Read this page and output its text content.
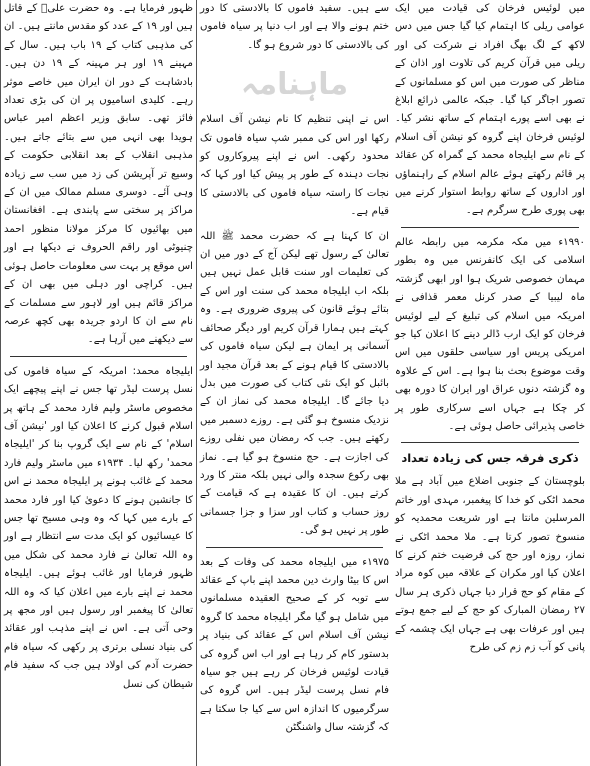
ظہور فرمایا ہے۔ وہ حضرت علیؓ کے قاتل ہیں اور ۱۹ کے عدد کو مقدس مانتے ہیں۔ ان کی مذہبی کتاب کے ۱۹ باب ہیں۔ سال کے مہینے ۱۹ اور ہر مہینہ کے ۱۹ دن ہیں۔ بادشاہت کے دور ان ایران میں خاصے موثر رہے۔ کلیدی اسامیوں پر ان کی بڑی تعداد فائز تھی۔ سابق وزیر اعظم امیر عباس ہویدا بھی انہی میں سے بتائے جاتے ہیں۔ مذہبی انقلاب کے بعد انقلابی حکومت کے وسیع تر آپریشن کی زد میں سب سے زیادہ وہی آئے۔ دوسری مسلم ممالک میں ان کے مراکز پر سختی سے پابندی ہے۔ افغانستان میں بھائیوں کا مرکز مولانا منظور احمد چنیوٹی اور راقم الحروف نے دیکھا ہے اور اس موقع پر بہت سی معلومات حاصل ہوئی ہیں۔ کراچی اور دہلی میں بھی ان کے مراکز قائم ہیں اور لاہور سے مسلمات کے نام سے ان کا اردو جریدہ بھی کچھ عرصہ سے دیکھنے میں آرہا ہے۔

ایلیجاہ محمد: امریکہ کے سیاہ فاموں کی نسل پرست لیڈر تھا جس نے اپنے پیچھے ایک مخصوص ماسٹر ولیم فارد محمد کے ہاتھ پر اسلام قبول کرنے کا اعلان کیا اور 'نیشن آف اسلام' کے نام سے ایک گروپ بنا کر 'ایلیجاہ محمد' رکھ لیا۔ ۱۹۳۴ء میں ماسٹر ولیم فارد محمد کے غائب ہونے پر ایلیجاہ محمد نے اس کا جانشین ہونے کا دعویٰ کیا اور فارد محمد کے بارے میں کہا کہ وہ وہی مسیح تھا جس کا عیسائیوں کو ایک مدت سے انتظار ہے اور وہ اللہ تعالیٰ نے فارد محمد کی شکل میں ظہور فرمایا اور غائب ہوئے ہیں۔ ایلیجاہ محمد نے اپنے بارے میں اعلان کیا کہ وہ اللہ تعالیٰ کا پیغمبر اور رسول ہیں اور مجھ پر وحی آتی ہے۔ اس نے اپنے مذہب اور عقائد کی بنیاد نسلی برتری پر رکھی کہ سیاہ فام حضرت آدم کی اولاد ہیں جب کہ سفید فام شیطان کی نسل

سے ہیں۔ سفید فاموں کا بالادستی کا دور ختم ہونے والا ہے اور اب دنیا پر سیاہ فاموں کی بالادستی کا دور شروع ہو گا۔

ماہنامہ

اس نے اپنی تنظیم کا نام نیشن آف اسلام رکھا اور اس کی ممبر شپ سیاہ فاموں تک محدود رکھی۔ اس نے اپنے پیروکاروں کو نجات دہندہ کے طور پر پیش کیا اور کہا کہ نجات کا راستہ سیاہ فاموں کی بالادستی کا قیام ہے۔

ان کا کہنا ہے کہ حضرت محمد ﷺ اللہ تعالیٰ کے رسول تھے لیکن آج کے دور میں ان کی تعلیمات اور سنت قابل عمل نہیں ہیں بلکہ اب ایلیجاہ محمد کی سنت اور اس کے بتائے ہوئے قانون کی پیروی ضروری ہے۔ وہ کہتے ہیں ہمارا قرآن کریم اور دیگر صحائف آسمانی پر ایمان ہے لیکن سیاہ فاموں کی بالادستی کا قیام ہونے کے بعد قرآن مجید اور بائبل کو ایک نئی کتاب کی صورت میں بدل دیا جائے گا۔ ایلیجاہ محمد کی نماز ان کے نزدیک منسوخ ہو گئی ہے۔ روزے دسمبر میں رکھتے ہیں۔ جب کہ رمضان میں نفلی روزے کی اجازت ہے۔ حج منسوخ ہو گیا ہے۔ نماز بھی رکوع سجدہ والی نہیں بلکہ منتر کا ورد کرتے ہیں۔ ان کا عقیدہ ہے کہ قیامت کے روز حساب و کتاب اور سزا و جزا جسمانی طور پر نہیں ہو گی۔

۱۹۷۵ء میں ایلیجاہ محمد کی وفات کے بعد اس کا بیٹا وارث دین محمد اپنے باپ کے عقائد سے توبہ کر کے صحیح العقیدہ مسلمانوں میں شامل ہو گیا مگر ایلیجاہ محمد کا گروہ نیشن آف اسلام اس کے عقائد کی بنیاد پر بدستور کام کر رہا ہے اور اب اس گروہ کی قیادت لوئیس فرخان کر رہے ہیں جو سیاہ فام نسل پرست لیڈر ہیں۔ اس گروہ کی سرگرمیوں کا اندازہ اس سے کیا جا سکتا ہے کہ گزشتہ سال واشنگٹن

میں لوئیس فرخان کی قیادت میں ایک عوامی ریلی کا اہتمام کیا گیا جس میں دس لاکھ کے لگ بھگ افراد نے شرکت کی اور ریلی میں قرآن کریم کی تلاوت اور اذان کے مناظر کی صورت میں اس کو مسلمانوں کے تصور اجاگر کیا گیا۔ جبکہ عالمی ذرائع ابلاغ نے بھی اسے پورے اہتمام کے ساتھ نشر کیا۔ لوئیس فرخان اپنے گروہ کو نیشن آف اسلام کے نام سے ایلیجاہ محمد کے گمراہ کن عقائد پر قائم رکھتے ہوئے عالم اسلام کے راہنماؤں اور اداروں کے ساتھ روابط استوار کرنے میں بھی پوری طرح سرگرم ہے۔

۱۹۹۰ء میں مکہ مکرمہ میں رابطہ عالم اسلامی کی ایک کانفرنس میں وہ بطور مہمان خصوصی شریک ہوا اور ابھی گزشتہ ماہ لیبیا کے صدر کرنل معمر قذافی نے امریکہ میں اسلام کی تبلیغ کے لیے لوئیس فرخان کو ایک ارب ڈالر دینے کا اعلان کیا جو امریکی پریس اور سیاسی حلقوں میں اس وقت موضوع بحث بنا ہوا ہے۔ اس کے علاوہ وہ گزشتہ دنوں عراق اور ایران کا دورہ بھی کر چکا ہے جہاں اسے سرکاری طور پر خاصی پذیرائی حاصل ہوئی ہے۔

ذکری فرقہ جس کی زیادہ تعداد

بلوچستان کے جنوبی اضلاع میں آباد ہے ملا محمد اٹکی کو خدا کا پیغمبر، مہدی اور خاتم المرسلین مانتا ہے اور شریعت محمدیہ کو منسوخ تصور کرتا ہے۔ ملا محمد اٹکی نے نماز، روزہ اور حج کی فرضیت ختم کرنے کا اعلان کیا اور مکران کے علاقہ میں کوہ مراد کے مقام کو حج قرار دیا جہاں ذکری ہر سال ۲۷ رمضان المبارک کو حج کے لیے جمع ہوتے ہیں اور عرفات بھی ہے جہاں ایک چشمہ کے پانی کو آب زم زم کی طرح
